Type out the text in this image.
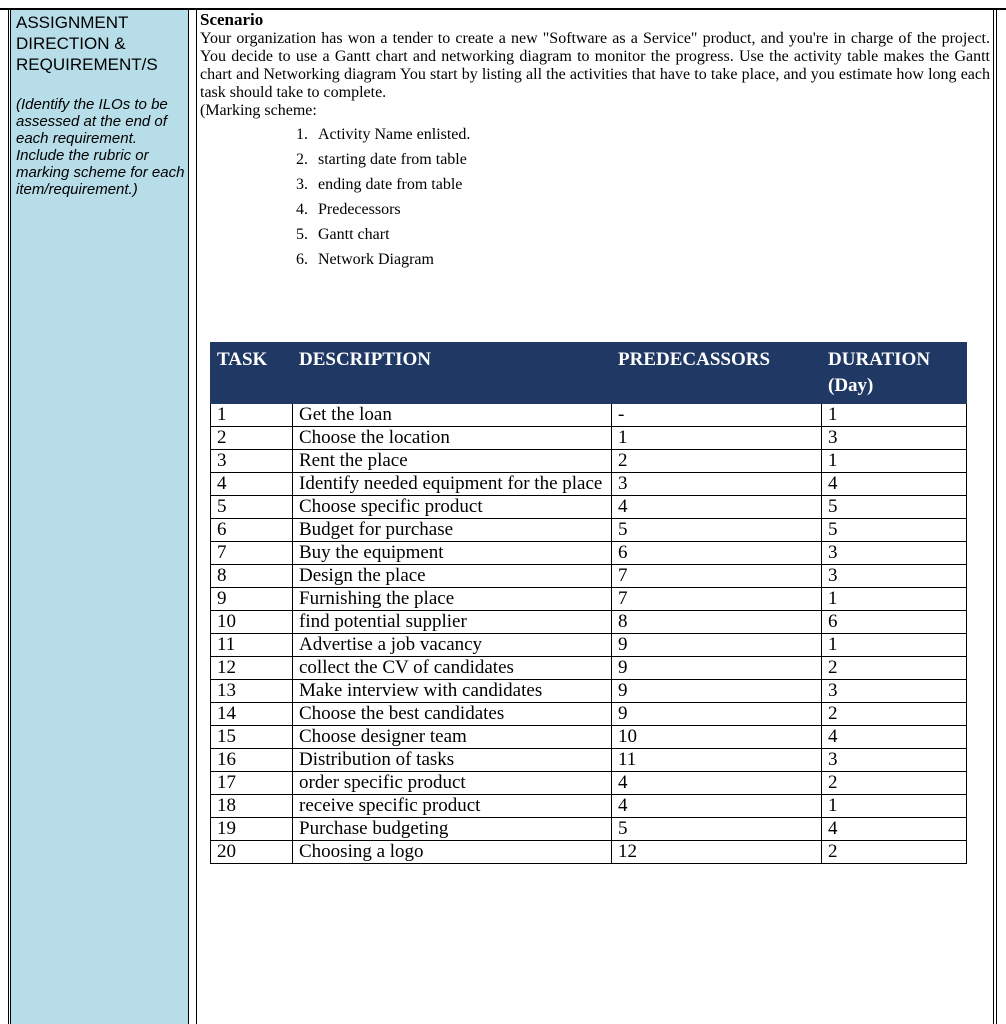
ASSIGNMENT
DIRECTION &
REQUIREMENT/S

(Identify the ILOs to be assessed at the end of each requirement. Include the rubric or marking scheme for each item/requirement.)

Scenario

Your organization has won a tender to create a new "Software as a Service" product, and you're in charge of the project. You decide to use a Gantt chart and networking diagram to monitor the progress. Use the activity table makes the Gantt chart and Networking diagram You start by listing all the activities that have to take place, and you estimate how long each task should take to complete.

(Marking scheme:

1. Activity Name enlisted.
2. starting date from table
3. ending date from table
4. Predecessors
5. Gantt chart
6. Network Diagram
TASK	DESCRIPTION	PREDECASSORS	DURATION (Day)
1	Get the loan	-	1
2	Choose the location	1	3
3	Rent the place	2	1
4	Identify needed equipment for the place	3	4
5	Choose specific product	4	5
6	Budget for purchase	5	5
7	Buy the equipment	6	3
8	Design the place	7	3
9	Furnishing the place	7	1
10	find potential supplier	8	6
11	Advertise a job vacancy	9	1
12	collect the CV of candidates	9	2
13	Make interview with candidates	9	3
14	Choose the best candidates	9	2
15	Choose designer team	10	4
16	Distribution of tasks	11	3
17	order specific product	4	2
18	receive specific product	4	1
19	Purchase budgeting	5	4
20	Choosing a logo	12	2
